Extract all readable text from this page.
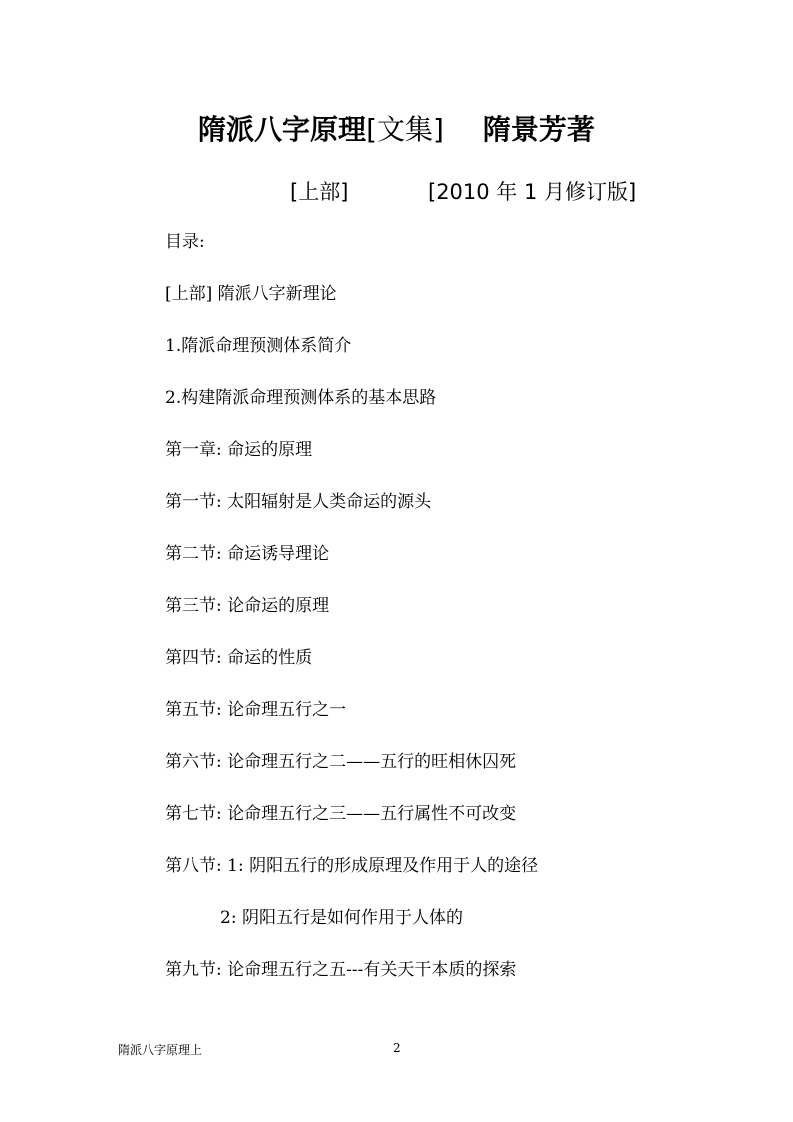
隋派八字原理[文集] 隋景芳著
[上部]	[2010 年 1 月修订版]
目录:
[上部] 隋派八字新理论
1.隋派命理预测体系简介
2.构建隋派命理预测体系的基本思路
第一章: 命运的原理
第一节: 太阳辐射是人类命运的源头
第二节: 命运诱导理论
第三节: 论命运的原理
第四节: 命运的性质
第五节: 论命理五行之一
第六节: 论命理五行之二——五行的旺相休囚死
第七节: 论命理五行之三——五行属性不可改变
第八节: 1: 阴阳五行的形成原理及作用于人的途径
2: 阴阳五行是如何作用于人体的
第九节: 论命理五行之五---有关天干本质的探索
隋派八字原理上	2
